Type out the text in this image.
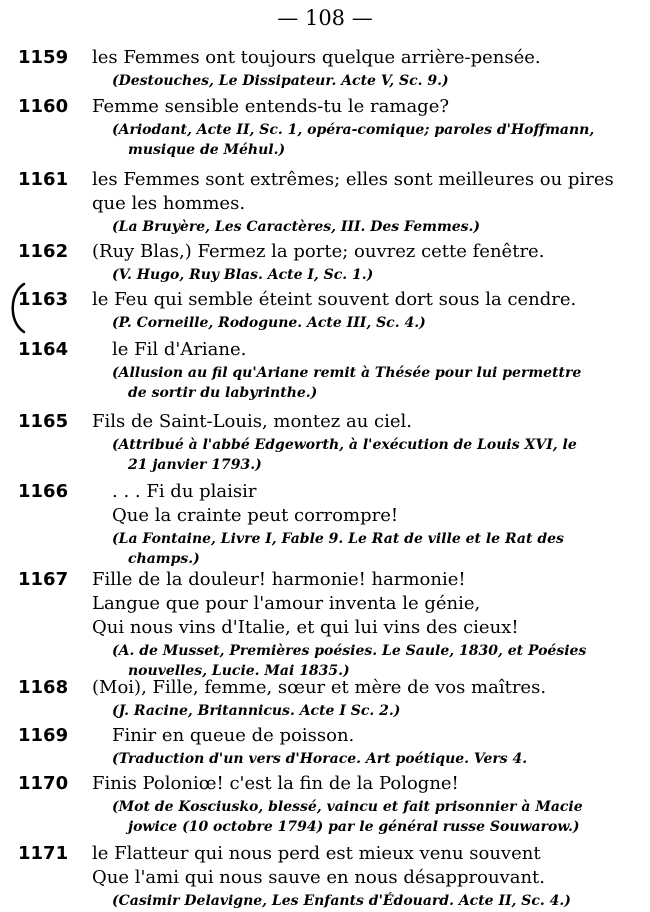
— 108 —
1159 les Femmes ont toujours quelque arrière-pensée.
(Destouches, Le Dissipateur. Acte V, Sc. 9.)
1160 Femme sensible entends-tu le ramage?
(Ariodant, Acte II, Sc. 1, opéra-comique; paroles d'Hoffmann,
musique de Méhul.)
1161 les Femmes sont extrêmes; elles sont meilleures ou pires
que les hommes.
(La Bruyère, Les Caractères, III. Des Femmes.)
1162 (Ruy Blas,) Fermez la porte; ouvrez cette fenêtre.
(V. Hugo, Ruy Blas. Acte I, Sc. 1.)
1163 le Feu qui semble éteint souvent dort sous la cendre.
(P. Corneille, Rodogune. Acte III, Sc. 4.)
1164 le Fil d'Ariane.
(Allusion au fil qu'Ariane remit à Thésée pour lui permettre
de sortir du labyrinthe.)
1165 Fils de Saint-Louis, montez au ciel.
(Attribué à l'abbé Edgeworth, à l'exécution de Louis XVI, le
21 janvier 1793.)
1166 . . . Fi du plaisir
Que la crainte peut corrompre!
(La Fontaine, Livre I, Fable 9. Le Rat de ville et le Rat des
champs.)
1167 Fille de la douleur! harmonie! harmonie!
Langue que pour l'amour inventa le génie,
Qui nous vins d'Italie, et qui lui vins des cieux!
(A. de Musset, Premières poésies. Le Saule, 1830, et Poésies
nouvelles, Lucie. Mai 1835.)
1168 (Moi), Fille, femme, sœur et mère de vos maîtres.
(J. Racine, Britannicus. Acte I Sc. 2.)
1169 Finir en queue de poisson.
(Traduction d'un vers d'Horace. Art poétique. Vers 4.
1170 Finis Poloniœ! c'est la fin de la Pologne!
(Mot de Kosciusko, blessé, vaincu et fait prisonnier à Macie
jowice (10 octobre 1794) par le général russe Souwarow.)
1171 le Flatteur qui nous perd est mieux venu souvent
Que l'ami qui nous sauve en nous désapprouvant.
(Casimir Delavigne, Les Enfants d'Édouard. Acte II, Sc. 4.)
